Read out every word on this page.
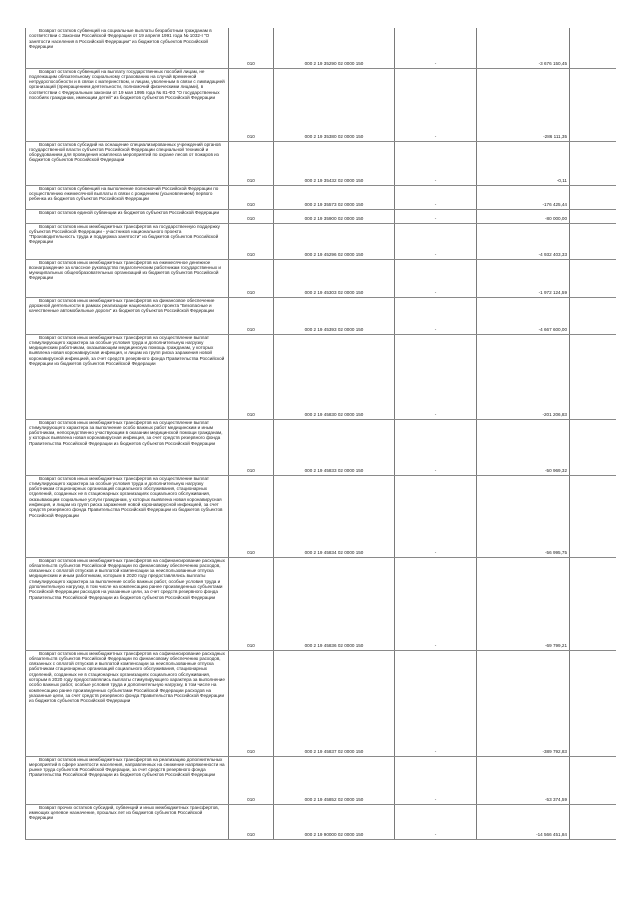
Возврат остатков субвенций на социальные выплаты безработным гражданам в соответствии с Законом Российской Федерации от 19 апреля 1991 года № 1032-I "О занятости населения в Российской Федерации" из бюджетов субъектов Российской Федерации	010	000 2 19 35290 02 0000 150	-	-3 676 150,45	
Возврат остатков субвенций на выплату государственных пособий лицам, не подлежащим обязательному социальному страхованию на случай временной нетрудоспособности и в связи с материнством, и лицам, уволенным в связи с ликвидацией организаций (прекращением деятельности, полномочий физическими лицами), в соответствии с Федеральным законом от 19 мая 1995 года № 81-ФЗ "О государственных пособиях гражданам, имеющим детей" из бюджетов субъектов Российской Федерации	010	000 2 19 35380 02 0000 150	-	-286 111,35	
Возврат остатков субсидий на оснащение специализированных учреждений органов государственной власти субъектов Российской Федерации специальной техникой и оборудованием для проведения комплекса мероприятий по охране лесов от пожаров из бюджетов субъектов Российской Федерации	010	000 2 19 35432 02 0000 150	-	-0,11	
Возврат остатков субвенций на выполнение полномочий Российской Федерации по осуществлению ежемесячной выплаты в связи с рождением (усыновлением) первого ребенка из бюджетов субъектов Российской Федерации	010	000 2 19 35573 02 0000 150	-	-176 425,44	
Возврат остатков единой субвенции из бюджетов субъектов Российской Федерации	010	000 2 19 35900 02 0000 150	-	-80 000,00	
Возврат остатков иных межбюджетных трансфертов на государственную поддержку субъектов Российской Федерации - участников национального проекта "Производительность труда и поддержка занятости" из бюджетов субъектов Российской Федерации	010	000 2 19 45296 02 0000 150	-	-4 932 403,33	
Возврат остатков иных межбюджетных трансфертов на ежемесячное денежное вознаграждение за классное руководство педагогическим работникам государственных и муниципальных общеобразовательных организаций из бюджетов субъектов Российской Федерации	010	000 2 19 45303 02 0000 150	-	-1 972 124,59	
Возврат остатков иных межбюджетных трансфертов на финансовое обеспечение дорожной деятельности в рамках реализации национального проекта "Безопасные и качественные автомобильные дороги" из бюджетов субъектов Российской Федерации	010	000 2 19 45393 02 0000 150	-	-4 667 600,00	
Возврат остатков иных межбюджетных трансфертов на осуществление выплат стимулирующего характера за особые условия труда и дополнительную нагрузку медицинским работникам, оказывающим медицинскую помощь гражданам, у которых выявлена новая коронавирусная инфекция, и лицам из групп риска заражения новой коронавирусной инфекцией, за счет средств резервного фонда Правительства Российской Федерации из бюджетов субъектов Российской Федерации	010	000 2 19 45830 02 0000 150	-	-201 206,83	
Возврат остатков иных межбюджетных трансфертов на осуществление выплат стимулирующего характера за выполнение особо важных работ медицинским и иным работникам, непосредственно участвующим в оказании медицинской помощи гражданам, у которых выявлена новая коронавирусная инфекция, за счет средств резервного фонда Правительства Российской Федерации из бюджетов субъектов Российской Федерации	010	000 2 19 45833 02 0000 150	-	-50 969,32	
Возврат остатков иных межбюджетных трансфертов на осуществление выплат стимулирующего характера за особые условия труда и дополнительную нагрузку работникам стационарных организаций социального обслуживания, стационарных отделений, созданных не в стационарных организациях социального обслуживания, оказывающим социальные услуги гражданам, у которых выявлена новая коронавирусная инфекция, и лицам из групп риска заражения новой коронавирусной инфекцией, за счет средств резервного фонда Правительства Российской Федерации из бюджетов субъектов Российской Федерации	010	000 2 19 45834 02 0000 150	-	-56 995,75	
Возврат остатков иных межбюджетных трансфертов на софинансирование расходных обязательств субъектов Российской Федерации по финансовому обеспечению расходов, связанных с оплатой отпусков и выплатой компенсации за неиспользованные отпуска медицинским и иным работникам, которым в 2020 году предоставлялись выплаты стимулирующего характера за выполнение особо важных работ, особые условия труда и дополнительную нагрузку, в том числе на компенсацию ранее произведенных субъектами Российской Федерации расходов на указанные цели, за счет средств резервного фонда Правительства Российской Федерации из бюджетов субъектов Российской Федерации	010	000 2 19 45836 02 0000 150	-	-69 799,21	
Возврат остатков иных межбюджетных трансфертов на софинансирование расходных обязательств субъектов Российской Федерации по финансовому обеспечению расходов, связанных с оплатой отпусков и выплатой компенсации за неиспользованные отпуска работникам стационарных организаций социального обслуживания, стационарных отделений, созданных не в стационарных организациях социального обслуживания, которым в 2020 году предоставлялись выплаты стимулирующего характера за выполнение особо важных работ, особые условия труда и дополнительную нагрузку, в том числе на компенсацию ранее произведенных субъектами Российской Федерации расходов на указанные цели, за счет средств резервного фонда Правительства Российской Федерации из бюджетов субъектов Российской Федерации	010	000 2 19 45837 02 0000 150	-	-389 792,83	
Возврат остатков иных межбюджетных трансфертов на реализацию дополнительных мероприятий в сфере занятости населения, направленных на снижение напряженности на рынке труда субъектов Российской Федерации, за счет средств резервного фонда Правительства Российской Федерации из бюджетов субъектов Российской Федерации	010	000 2 19 45852 02 0000 150	-	-53 374,59	
Возврат прочих остатков субсидий, субвенций и иных межбюджетных трансфертов, имеющих целевое назначение, прошлых лет из бюджетов субъектов Российской Федерации	010	000 2 19 90000 02 0000 150	-	-14 566 451,84	
